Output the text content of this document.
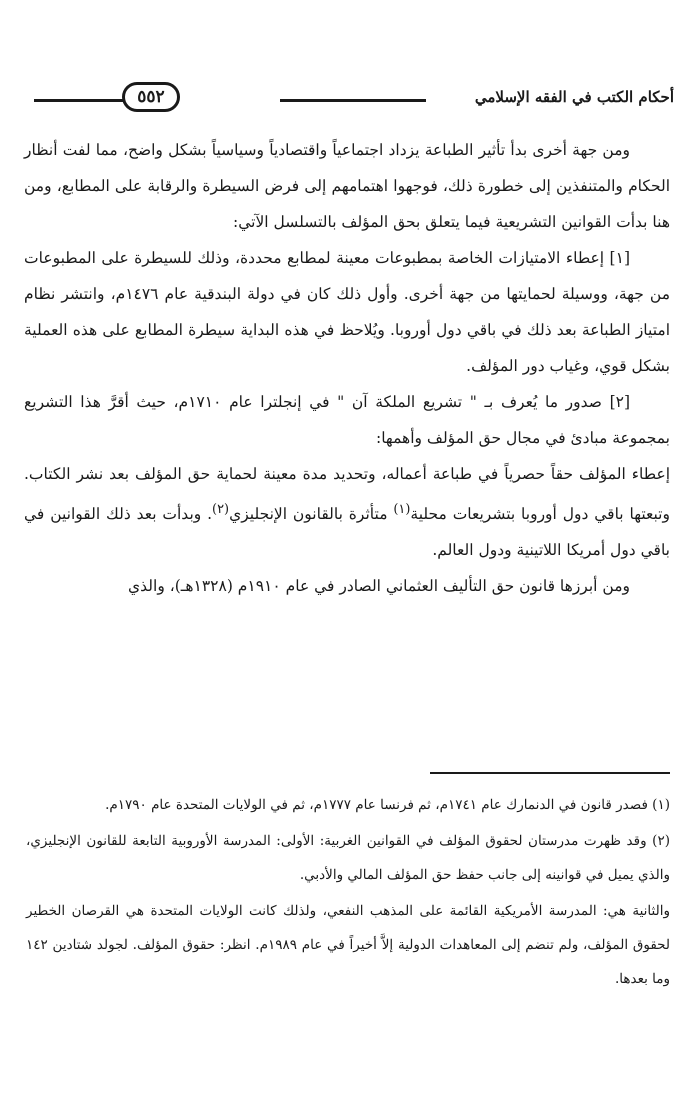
أحكام الكتب في الفقه الإسلامي
٥٥٢

ومن جهة أخرى بدأ تأثير الطباعة يزداد اجتماعياً واقتصادياً وسياسياً بشكل واضح، مما لفت أنظار الحكام والمتنفذين إلى خطورة ذلك، فوجهوا اهتمامهم إلى فرض السيطرة والرقابة على المطابع، ومن هنا بدأت القوانين التشريعية فيما يتعلق بحق المؤلف بالتسلسل الآتي:

[١] إعطاء الامتيازات الخاصة بمطبوعات معينة لمطابع محددة، وذلك للسيطرة على المطبوعات من جهة، ووسيلة لحمايتها من جهة أخرى. وأول ذلك كان في دولة البندقية عام ١٤٧٦م، وانتشر نظام امتياز الطباعة بعد ذلك في باقي دول أوروبا. ويُلاحظ في هذه البداية سيطرة المطابع على هذه العملية بشكل قوي، وغياب دور المؤلف.

[٢] صدور ما يُعرف بـ " تشريع الملكة آن " في إنجلترا عام ١٧١٠م، حيث أقرَّ هذا التشريع بمجموعة مبادئ في مجال حق المؤلف وأهمها:

إعطاء المؤلف حقاً حصرياً في طباعة أعماله، وتحديد مدة معينة لحماية حق المؤلف بعد نشر الكتاب. وتبعتها باقي دول أوروبا بتشريعات محلية$^{(١)}$ متأثرة بالقانون الإنجليزي$^{(٢)}$. وبدأت بعد ذلك القوانين في باقي دول أمريكا اللاتينية ودول العالم.

ومن أبرزها قانون حق التأليف العثماني الصادر في عام ١٩١٠م (١٣٢٨هـ)، والذي

(١) فصدر قانون في الدنمارك عام ١٧٤١م، ثم فرنسا عام ١٧٧٧م، ثم في الولايات المتحدة عام ١٧٩٠م.

(٢) وقد ظهرت مدرستان لحقوق المؤلف في القوانين الغربية: الأولى: المدرسة الأوروبية التابعة للقانون الإنجليزي، والذي يميل في قوانينه إلى جانب حفظ حق المؤلف المالي والأدبي.

والثانية هي: المدرسة الأمريكية القائمة على المذهب النفعي، ولذلك كانت الولايات المتحدة هي القرصان الخطير لحقوق المؤلف، ولم تنضم إلى المعاهدات الدولية إلاَّ أخيراً في عام ١٩٨٩م. انظر: حقوق المؤلف. لجولد شتادين ١٤٢ وما بعدها.
